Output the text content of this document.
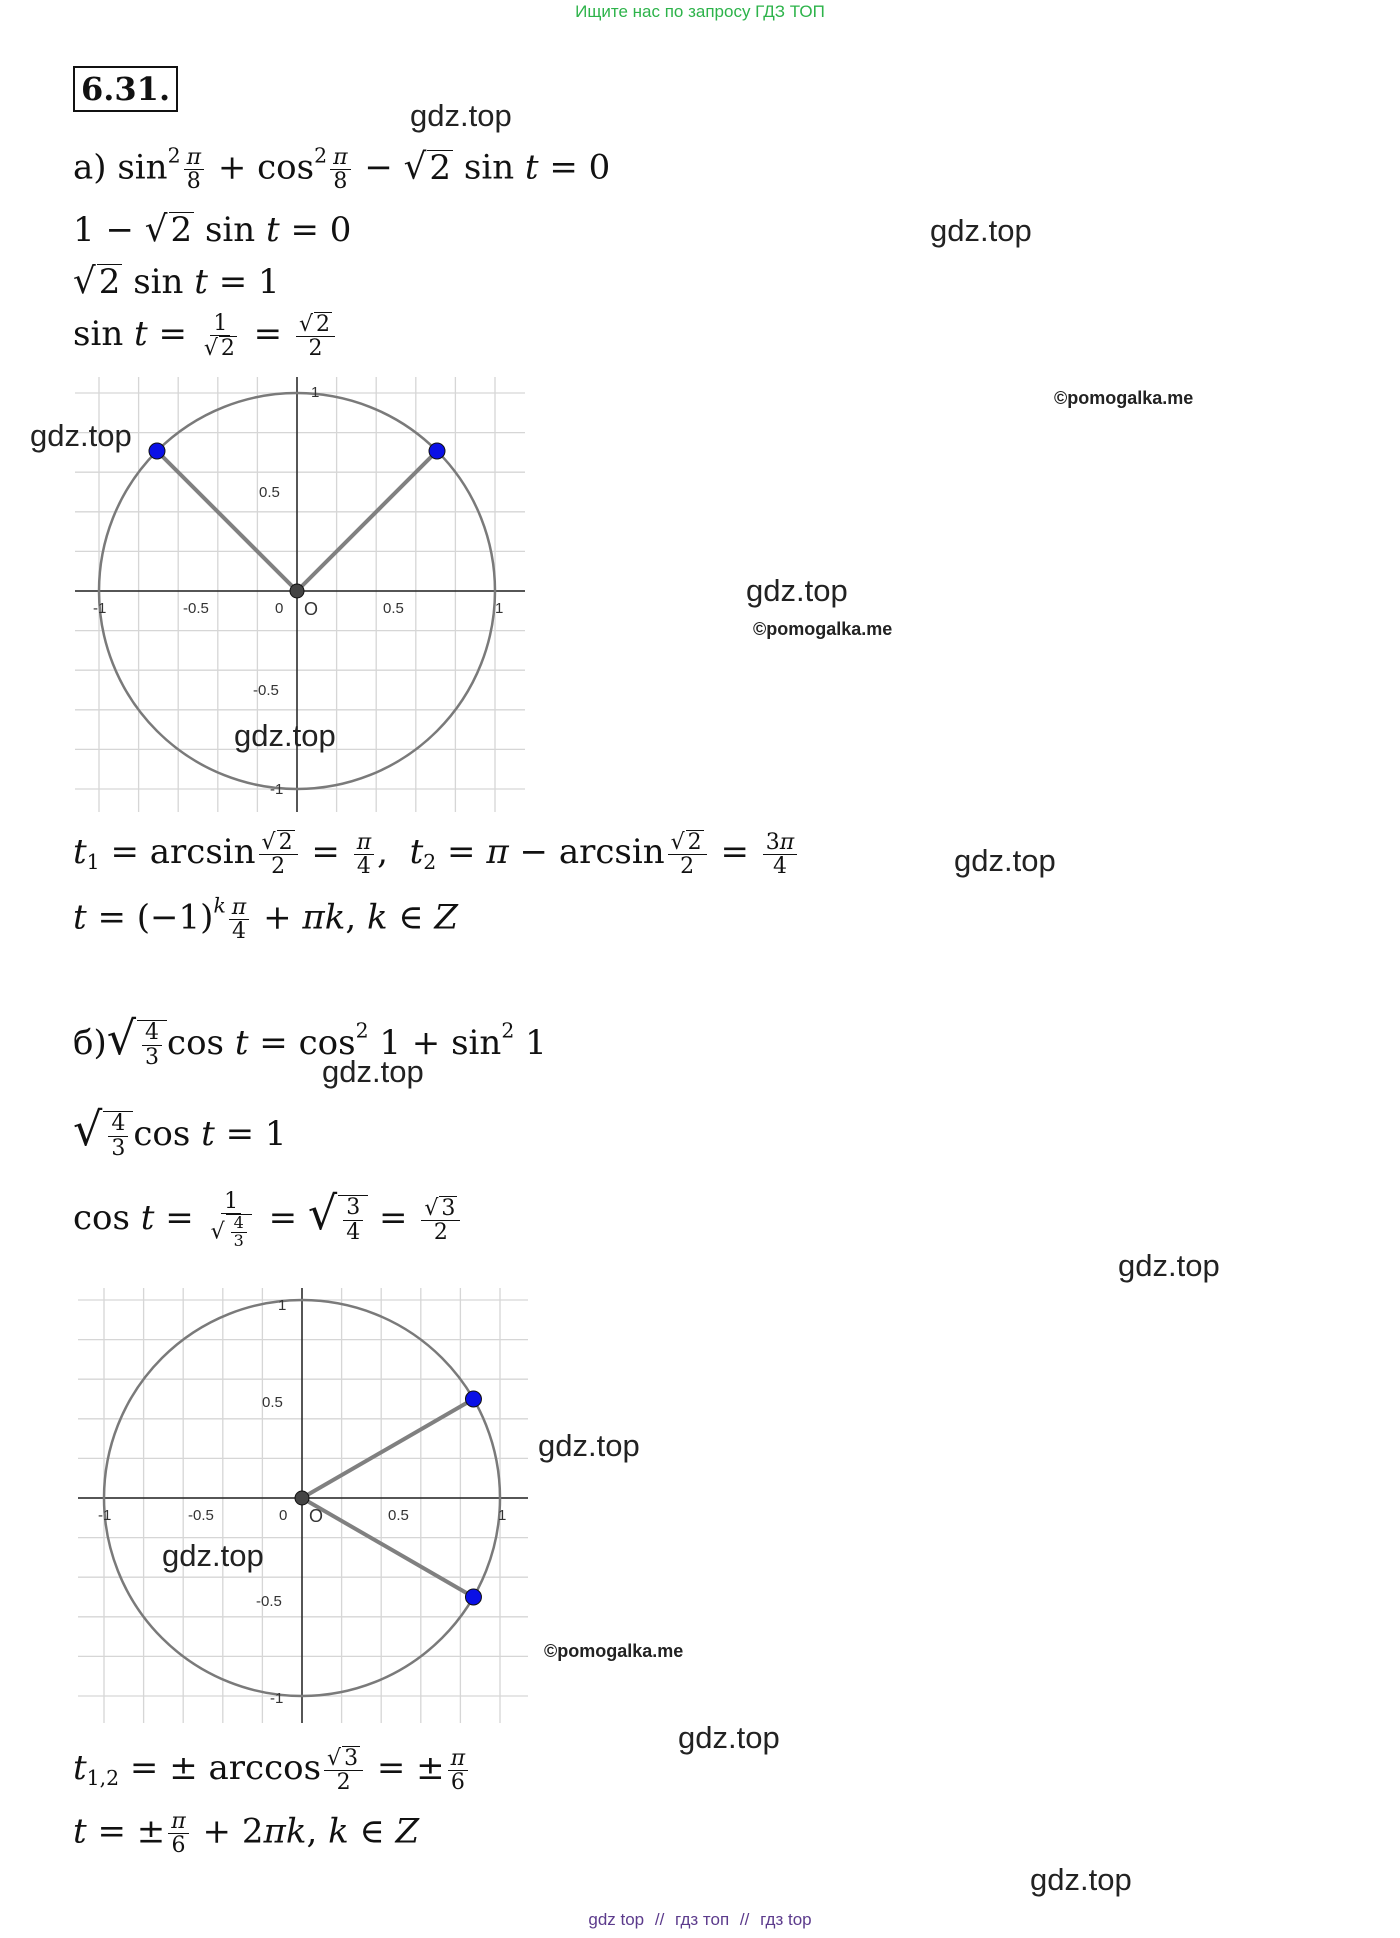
Ищите нас по запросу ГДЗ ТОП
6.31.
а) $\sin^2 \frac{\pi}{8} + \cos^2 \frac{\pi}{8} - √2$ sin t = 0
1 − √2 sin t = 0
√2 sin t = 1
$\sin t = \frac{1}{√ 2} = \frac{√ 2}{2}$
-1	-0.5	0	0.5	1
O
1
0.5
-0.5
-1
$t_1 = \arcsin \frac{√ 2}{2} = \frac{\pi}{4}$ ,  $t_2 = \pi - \arcsin \frac{√ 2}{2} = \frac{3\pi}{4}$
$t = (-1)^k \frac{\pi}{4} + \pi k$, k ∈ Z
$б)√ \frac{4}{3}$ $\cos t = \cos^2 1 + \sin^2 1$
√ $\frac{4}{3}$ cos t = 1
$\cos t = \frac{1}{√ \frac{4}{3}}$ = √ $\frac{3}{4} = \frac{√ 3}{2}$
-1	-0.5	0	0.5	1
O
1
0.5
-0.5
-1
$t_{1,2}$ = ± $\arccos \frac{√ 3}{2}$ = ± $\frac{\pi}{6}$
t = ± $\frac{\pi}{6} + 2\pi k$, k ∈ Z
gdz.top
gdz.top
gdz.top
gdz.top
gdz.top
gdz.top
gdz.top
gdz.top
gdz.top
gdz.top
gdz.top
gdz.top
©pomogalka.me
©pomogalka.me
©pomogalka.me
gdz top // гдз топ // гдз top
